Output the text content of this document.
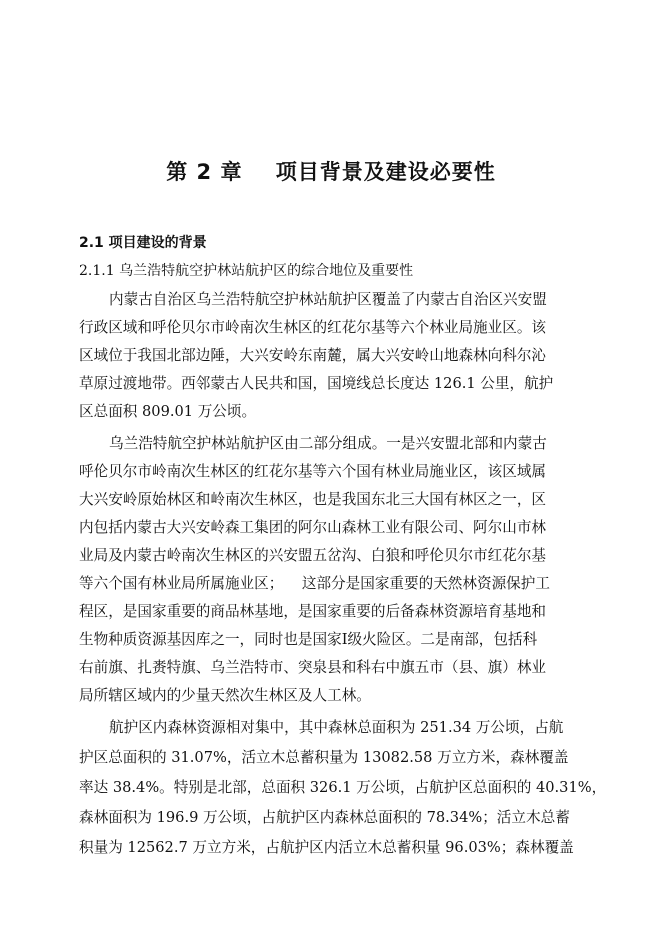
第 2 章    项目背景及建设必要性
2.1 项目建设的背景
2.1.1 乌兰浩特航空护林站航护区的综合地位及重要性
内蒙古自治区乌兰浩特航空护林站航护区覆盖了内蒙古自治区兴安盟
行政区域和呼伦贝尔市岭南次生林区的红花尔基等六个林业局施业区。该
区域位于我国北部边陲，大兴安岭东南麓，属大兴安岭山地森林向科尔沁
草原过渡地带。西邻蒙古人民共和国，国境线总长度达 126.1 公里，航护
区总面积 809.01 万公顷。
乌兰浩特航空护林站航护区由二部分组成。一是兴安盟北部和内蒙古
呼伦贝尔市岭南次生林区的红花尔基等六个国有林业局施业区，该区域属
大兴安岭原始林区和岭南次生林区，也是我国东北三大国有林区之一，区
内包括内蒙古大兴安岭森工集团的阿尔山森林工业有限公司、阿尔山市林
业局及内蒙古岭南次生林区的兴安盟五岔沟、白狼和呼伦贝尔市红花尔基
等六个国有林业局所属施业区；    这部分是国家重要的天然林资源保护工
程区，是国家重要的商品林基地，是国家重要的后备森林资源培育基地和
生物种质资源基因库之一，同时也是国家Ⅰ级火险区。二是南部，包括科
右前旗、扎赉特旗、乌兰浩特市、突泉县和科右中旗五市（县、旗）林业
局所辖区域内的少量天然次生林区及人工林。
航护区内森林资源相对集中，其中森林总面积为 251.34 万公顷，占航
护区总面积的 31.07%，活立木总蓄积量为 13082.58 万立方米，森林覆盖
率达 38.4%。特别是北部，总面积 326.1 万公顷，占航护区总面积的 40.31%，
森林面积为 196.9 万公顷，占航护区内森林总面积的 78.34%；活立木总蓄
积量为 12562.7 万立方米，占航护区内活立木总蓄积量 96.03%；森林覆盖
